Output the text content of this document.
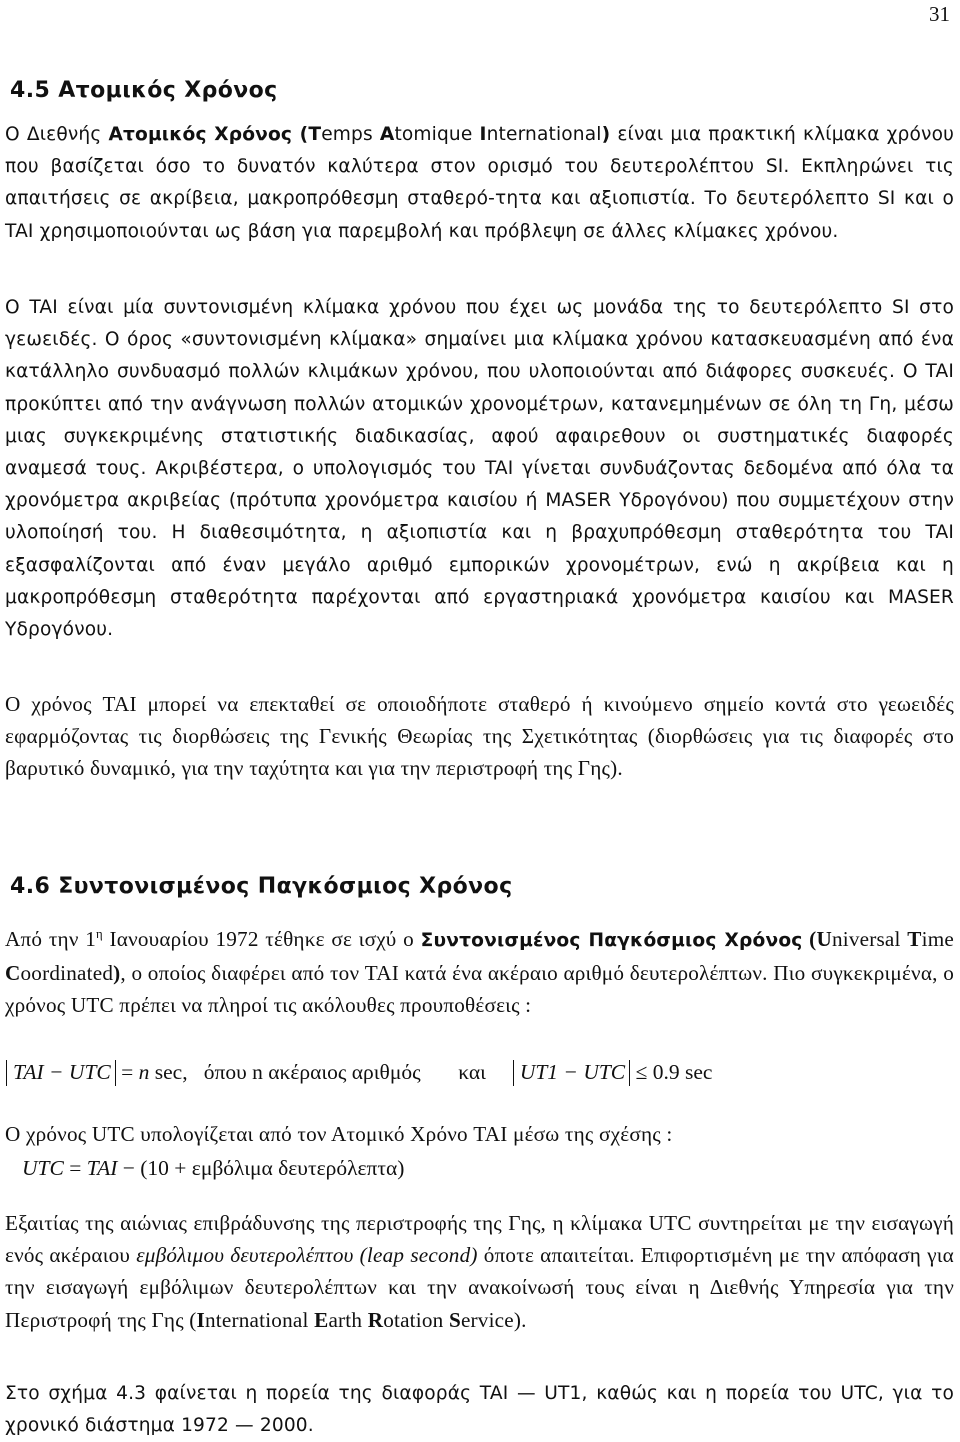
31
4.5 Ατομικός Χρόνος

Ο Διεθνής Ατομικός Χρόνος (Temps Atomique International) είναι μια πρακτική κλίμακα χρόνου που βασίζεται όσο το δυνατόν καλύτερα στον ορισμό του δευτερολέπτου SI. Εκπληρώνει τις απαιτήσεις σε ακρίβεια, μακροπρόθεσμη σταθερό-τητα και αξιοπιστία. Το δευτερόλεπτο SI και ο TAI χρησιμοποιούνται ως βάση για παρεμβολή και πρόβλεψη σε άλλες κλίμακες χρόνου.

Ο TAI είναι μία συντονισμένη κλίμακα χρόνου που έχει ως μονάδα της το δευτερόλεπτο SI στο γεωειδές. Ο όρος «συντονισμένη κλίμακα» σημαίνει μια κλίμακα χρόνου κατασκευασμένη από ένα κατάλληλο συνδυασμό πολλών κλιμάκων χρόνου, που υλοποιούνται από διάφορες συσκευές. Ο TAI προκύπτει από την ανάγνωση πολλών ατομικών χρονομέτρων, κατανεμημένων σε όλη τη Γη, μέσω μιας συγκεκριμένης στατιστικής διαδικασίας, αφού αφαιρεθουν οι συστηματικές διαφορές αναμεσά τους. Ακριβέστερα, ο υπολογισμός του TAI γίνεται συνδυάζοντας δεδομένα από όλα τα χρονόμετρα ακριβείας (πρότυπα χρονόμετρα καισίου ή MASER Υδρογόνου) που συμμετέχουν στην υλοποίησή του. Η διαθεσιμότητα, η αξιοπιστία και η βραχυπρόθεσμη σταθερότητα του TAI εξασφαλίζονται από έναν μεγάλο αριθμό εμπορικών χρονομέτρων, ενώ η ακρίβεια και η μακροπρόθεσμη σταθερότητα παρέχονται από εργαστηριακά χρονόμετρα καισίου και MASER Υδρογόνου.

Ο χρόνος TAI μπορεί να επεκταθεί σε οποιοδήποτε σταθερό ή κινούμενο σημείο κοντά στο γεωειδές εφαρμόζοντας τις διορθώσεις της Γενικής Θεωρίας της Σχετικότητας (διορθώσεις για τις διαφορές στο βαρυτικό δυναμικό, για την ταχύτητα και για την περιστροφή της Γης).

4.6 Συντονισμένος Παγκόσμιος Χρόνος

Από την $1^\eta$ Ιανουαρίου 1972 τέθηκε σε ισχύ ο Συντονισμένος Παγκόσμιος Χρόνος (Universal Time Coordinated), ο οποίος διαφέρει από τον TAI κατά ένα ακέραιο αριθμό δευτερολέπτων. Πιο συγκεκριμένα, ο χρόνος UTC πρέπει να πληροί τις ακόλουθες προυποθέσεις :

TAI − UTC = n sec,   όπου n ακέραιος αριθμός       και UT1 − UTC ≤ 0.9 sec

Ο χρόνος UTC υπολογίζεται από τον Ατομικό Χρόνο TAI μέσω της σχέσης :

UTC = TAI − (10 + εμβόλιμα δευτερόλεπτα)

Εξαιτίας της αιώνιας επιβράδυνσης της περιστροφής της Γης, η κλίμακα UTC συντηρείται με την εισαγωγή ενός ακέραιου εμβόλιμου δευτερολέπτου (leap second) όποτε απαιτείται. Επιφορτισμένη με την απόφαση για την εισαγωγή εμβόλιμων δευτερολέπτων και την ανακοίνωσή τους είναι η Διεθνής Υπηρεσία για την Περιστροφή της Γης (International Earth Rotation Service).

Στο σχήμα 4.3 φαίνεται η πορεία της διαφοράς TAI — UT1, καθώς και η πορεία του UTC, για το χρονικό διάστημα 1972 — 2000.
